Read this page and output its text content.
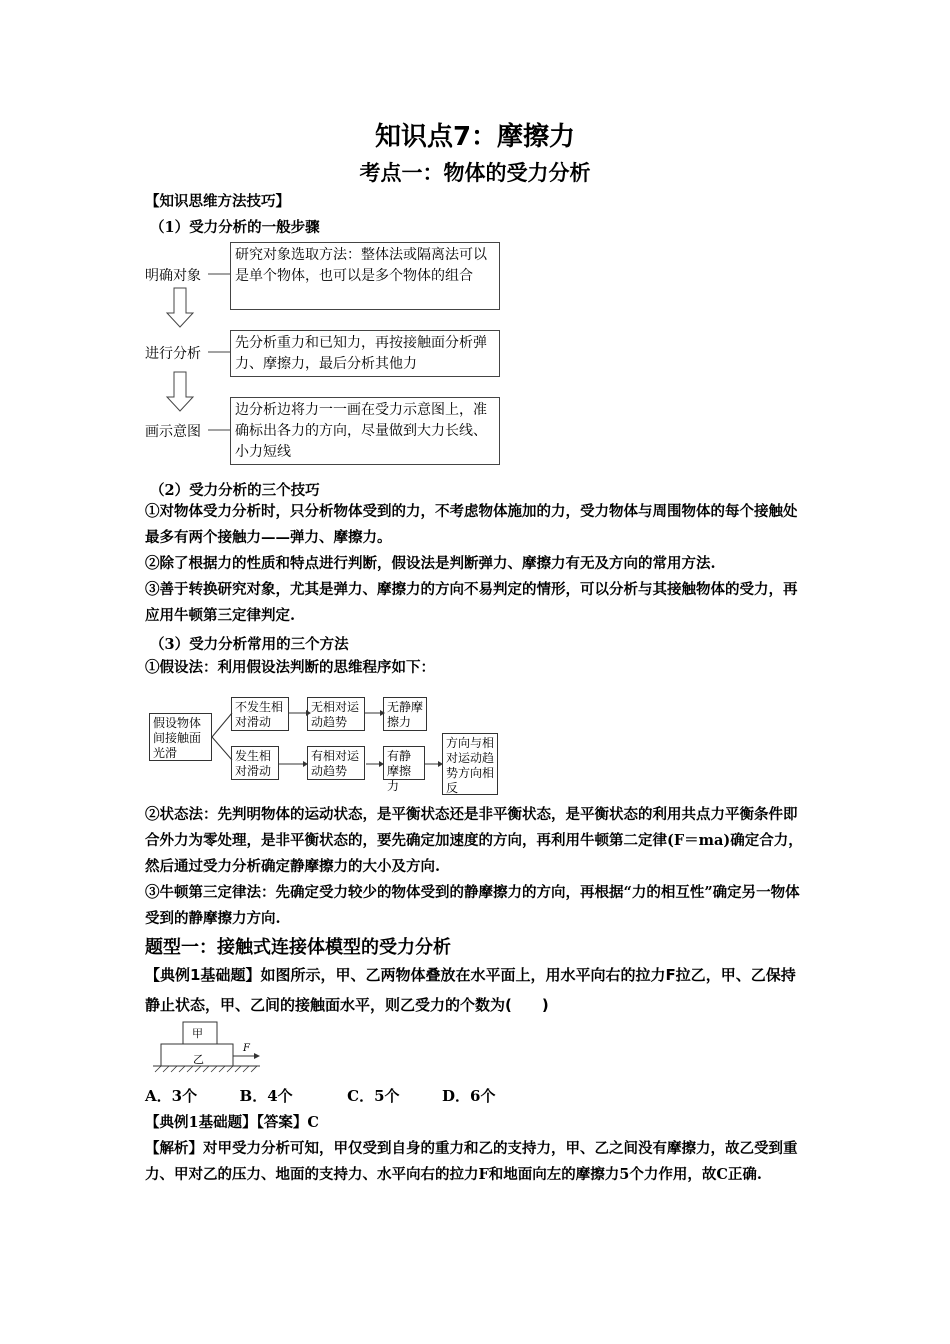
知识点7：摩擦力
考点一：物体的受力分析
【知识思维方法技巧】
（1）受力分析的一般步骤
明确对象
研究对象选取方法：整体法或隔离法可以是单个物体，也可以是多个物体的组合
进行分析
先分析重力和已知力，再按接触面分析弹力、摩擦力，最后分析其他力
画示意图
边分析边将力一一画在受力示意图上，准确标出各力的方向，尽量做到大力长线、小力短线
（2）受力分析的三个技巧
①对物体受力分析时，只分析物体受到的力，不考虑物体施加的力，受力物体与周围物体的每个接触处最多有两个接触力——弹力、摩擦力。
②除了根据力的性质和特点进行判断，假设法是判断弹力、摩擦力有无及方向的常用方法.
③善于转换研究对象，尤其是弹力、摩擦力的方向不易判定的情形，可以分析与其接触物体的受力，再应用牛顿第三定律判定.
（3）受力分析常用的三个方法
①假设法：利用假设法判断的思维程序如下：
假设物体间接触面光滑
不发生相对滑动
无相对运动趋势
无静摩擦力
发生相对滑动
有相对运动趋势
有静摩擦力
方向与相对运动趋势方向相反
②状态法：先判明物体的运动状态，是平衡状态还是非平衡状态，是平衡状态的利用共点力平衡条件即合外力为零处理，是非平衡状态的，要先确定加速度的方向，再利用牛顿第二定律(F＝ma)确定合力，然后通过受力分析确定静摩擦力的大小及方向.
③牛顿第三定律法：先确定受力较少的物体受到的静摩擦力的方向，再根据“力的相互性”确定另一物体受到的静摩擦力方向.
题型一：接触式连接体模型的受力分析
【典例1基础题】如图所示，甲、乙两物体叠放在水平面上，用水平向右的拉力F拉乙，甲、乙保持静止状态，甲、乙间的接触面水平，则乙受力的个数为(　　)
甲
乙
F
A．3个	B．4个	C．5个	D．6个
【典例1基础题】【答案】C
【解析】对甲受力分析可知，甲仅受到自身的重力和乙的支持力，甲、乙之间没有摩擦力，故乙受到重力、甲对乙的压力、地面的支持力、水平向右的拉力F和地面向左的摩擦力5个力作用，故C正确.
